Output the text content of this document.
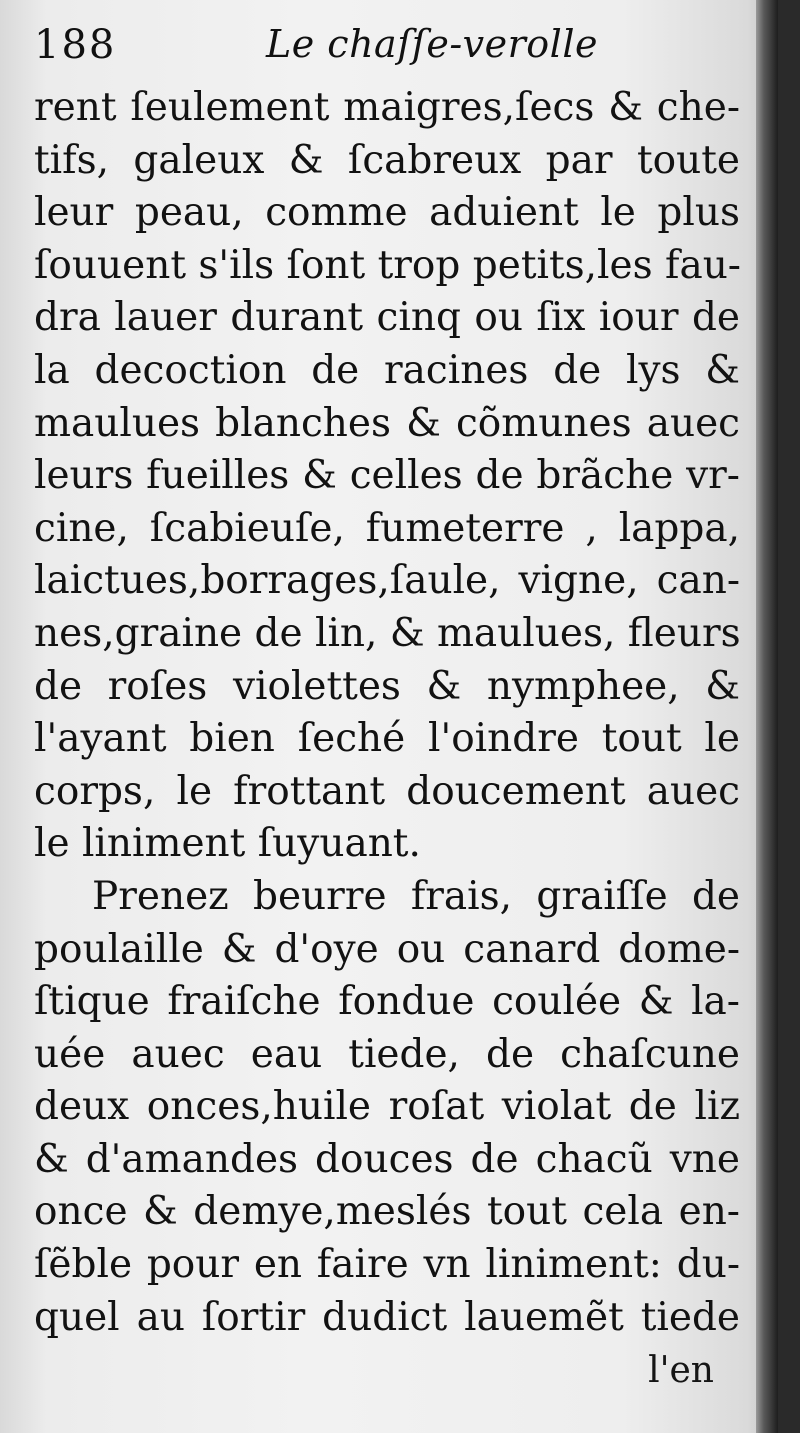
188	Le chaſſe-verolle
rent ſeulement maigres,ſecs & che-
tifs, galeux & ſcabreux par toute
leur peau, comme aduient le plus
ſouuent s'ils ſont trop petits,les fau-
dra lauer durant cinq ou ſix iour de
la decoction de racines de lys &
maulues blanches & cõmunes auec
leurs fueilles & celles de brãche vr-
cine, ſcabieuſe, fumeterre , lappa,
laictues,borrages,ſaule, vigne, can-
nes,graine de lin, & maulues, fleurs
de roſes violettes & nymphee, &
l'ayant bien ſeché l'oindre tout le
corps, le frottant doucement auec
le liniment ſuyuant.
Prenez beurre frais, graiſſe de
poulaille & d'oye ou canard dome-
ſtique fraiſche fondue coulée & la-
uée auec eau tiede, de chaſcune
deux onces,huile roſat violat de liz
& d'amandes douces de chacũ vne
once & demye,meslés tout cela en-
ſẽble pour en faire vn liniment: du-
quel au ſortir dudict lauemẽt tiede
l'en
